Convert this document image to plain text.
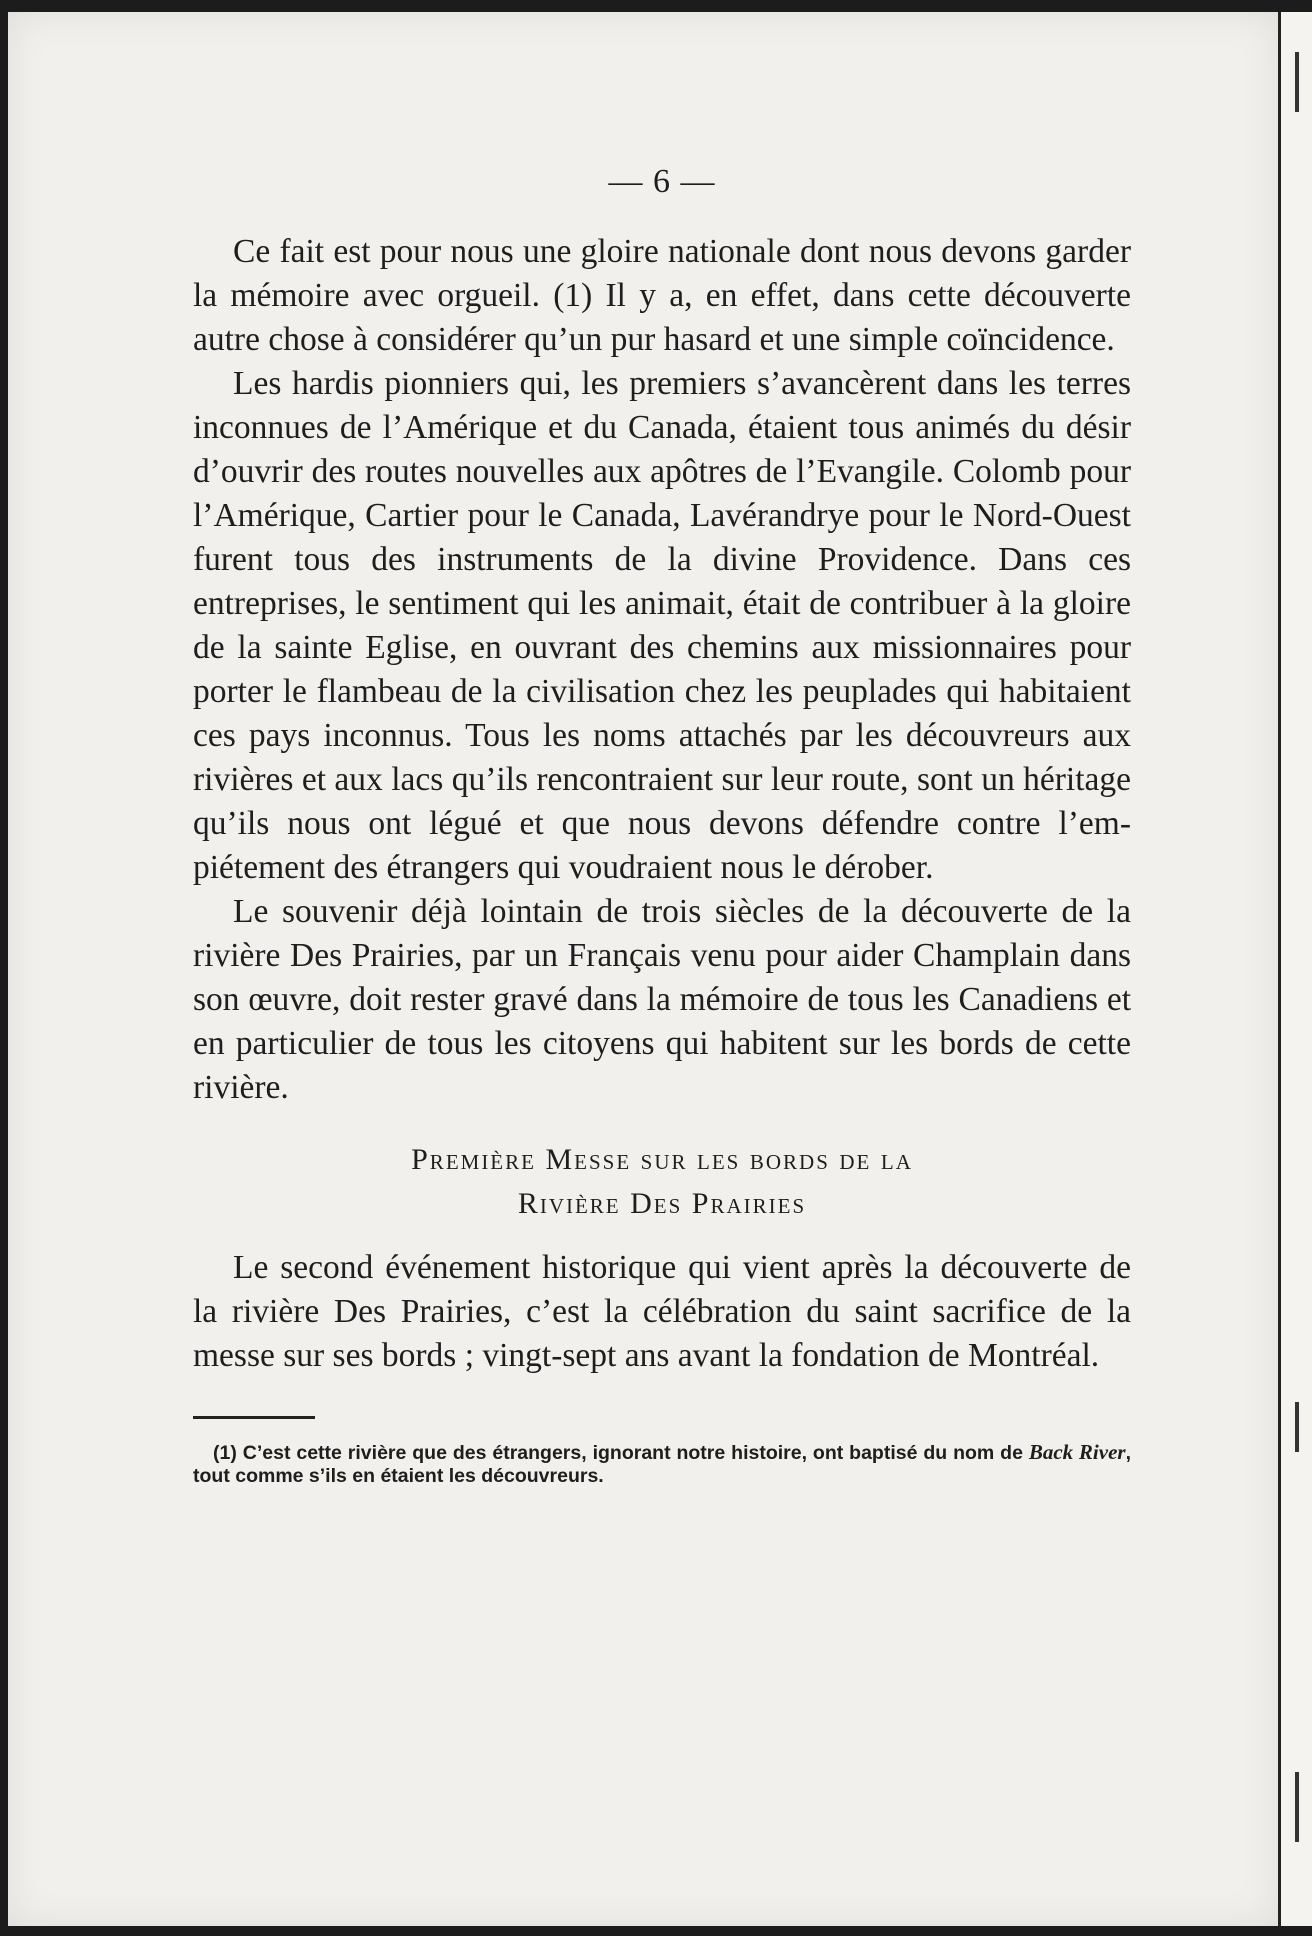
— 6 —

Ce fait est pour nous une gloire nationale dont nous devons garder la mémoire avec orgueil. (1) Il y a, en effet, dans cette découverte autre chose à considérer qu’un pur hasard et une simple coïncidence.

Les hardis pionniers qui, les premiers s’avancèrent dans les terres inconnues de l’Amérique et du Canada, étaient tous animés du désir d’ouvrir des routes nouvelles aux apôtres de l’Evangile. Colomb pour l’Amérique, Cartier pour le Canada, Lavérandrye pour le Nord-Ouest furent tous des instruments de la divine Providence. Dans ces entreprises, le sentiment qui les animait, était de contribuer à la gloire de la sainte Eglise, en ouvrant des chemins aux missionnaires pour porter le flambeau de la civilisation chez les peuplades qui habitaient ces pays inconnus. Tous les noms attachés par les découvreurs aux rivières et aux lacs qu’ils rencontraient sur leur route, sont un héritage qu’ils nous ont légué et que nous devons défendre contre l’empiétement des étrangers qui voudraient nous le dérober.

Le souvenir déjà lointain de trois siècles de la découverte de la rivière Des Prairies, par un Français venu pour aider Champlain dans son œuvre, doit rester gravé dans la mémoire de tous les Canadiens et en particulier de tous les citoyens qui habitent sur les bords de cette rivière.

Première Messe sur les bords de la
Rivière Des Prairies

Le second événement historique qui vient après la découverte de la rivière Des Prairies, c’est la célébration du saint sacrifice de la messe sur ses bords ; vingt-sept ans avant la fondation de Montréal.

(1) C’est cette rivière que des étrangers, ignorant notre histoire, ont baptisé du nom de Back River, tout comme s’ils en étaient les découvreurs.
